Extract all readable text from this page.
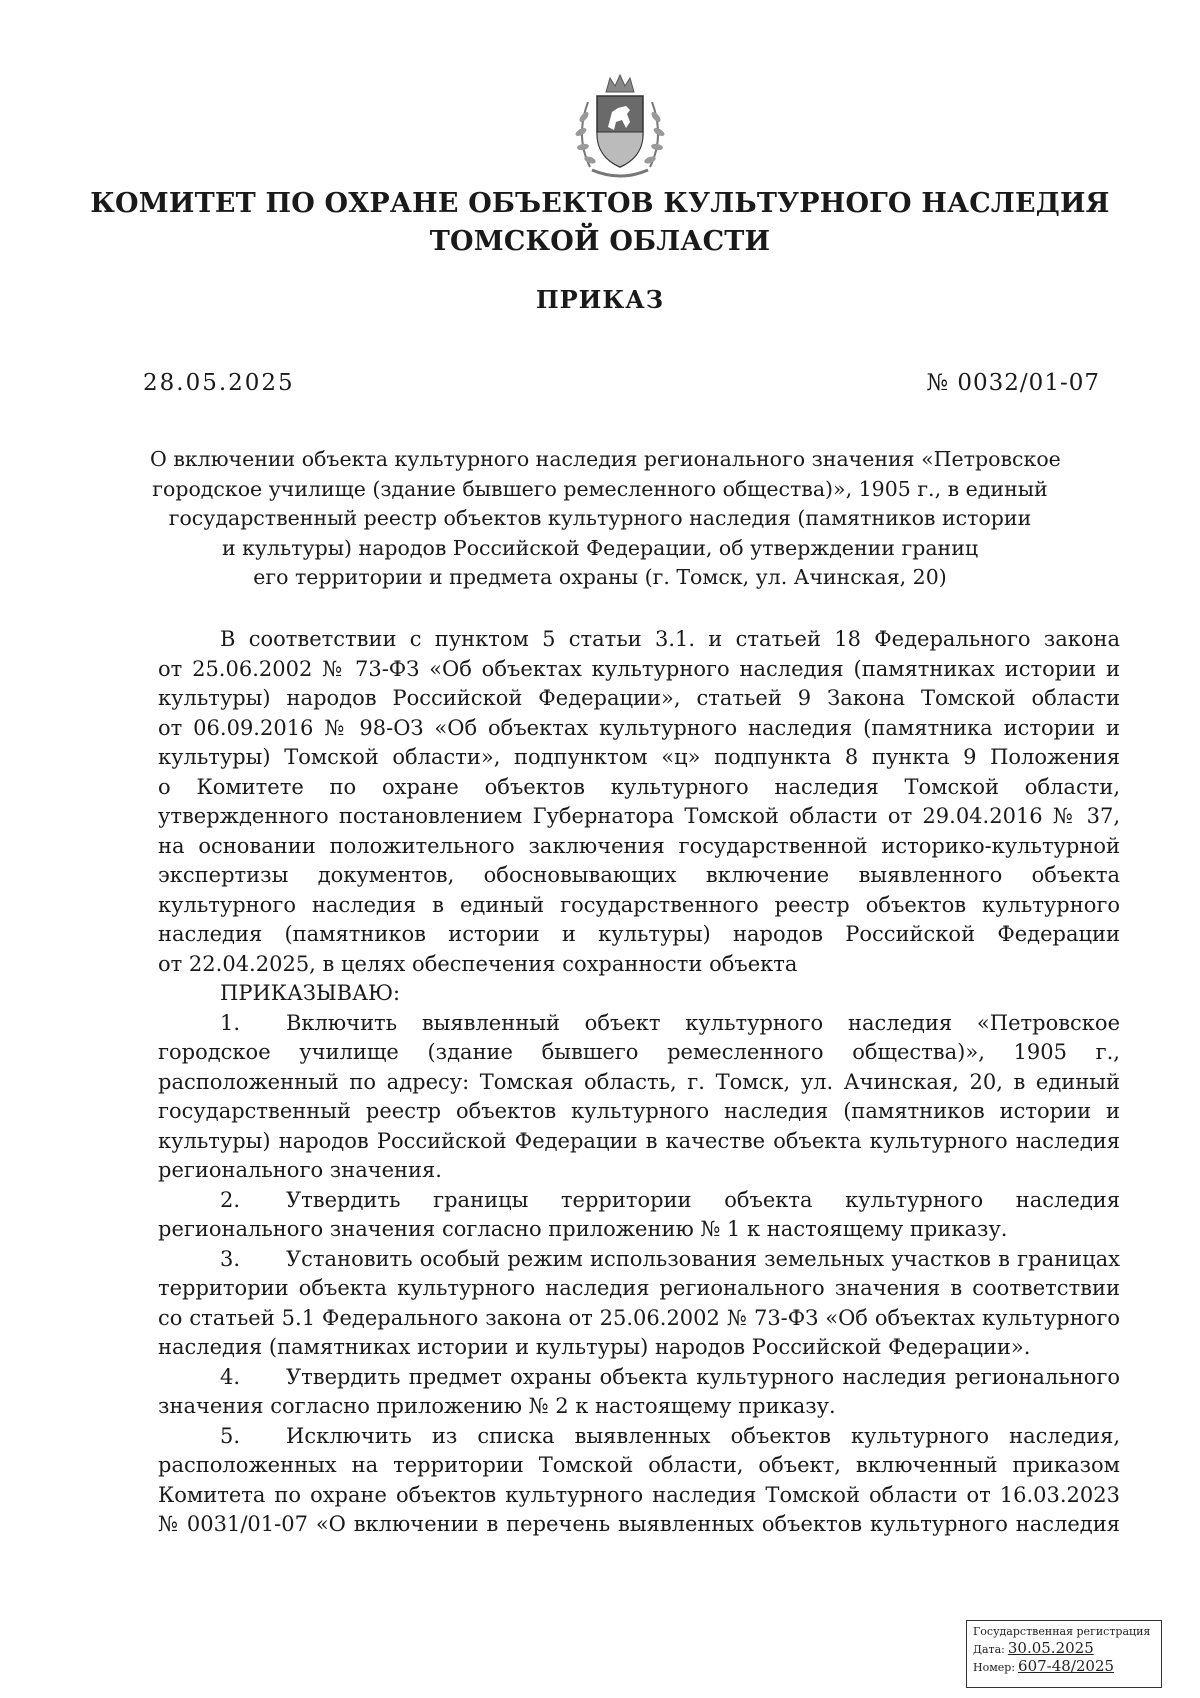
КОМИТЕТ ПО ОХРАНЕ ОБЪЕКТОВ КУЛЬТУРНОГО НАСЛЕДИЯ
ТОМСКОЙ ОБЛАСТИ
ПРИКАЗ
28.05.2025	№ 0032/01-07
О включении объекта культурного наследия регионального значения «Петровское
городское училище (здание бывшего ремесленного общества)», 1905 г., в единый
государственный реестр объектов культурного наследия (памятников истории
и культуры) народов Российской Федерации, об утверждении границ
его территории и предмета охраны (г. Томск, ул. Ачинская, 20)
В соответствии с пунктом 5 статьи 3.1. и статьей 18 Федерального закона
от 25.06.2002 № 73-ФЗ «Об объектах культурного наследия (памятниках истории и
культуры) народов Российской Федерации», статьей 9 Закона Томской области
от 06.09.2016 № 98-ОЗ «Об объектах культурного наследия (памятника истории и
культуры) Томской области», подпунктом «ц» подпункта 8 пункта 9 Положения
о Комитете по охране объектов культурного наследия Томской области,
утвержденного постановлением Губернатора Томской области от 29.04.2016 № 37,
на основании положительного заключения государственной историко-культурной
экспертизы документов, обосновывающих включение выявленного объекта
культурного наследия в единый государственного реестр объектов культурного
наследия (памятников истории и культуры) народов Российской Федерации
от 22.04.2025, в целях обеспечения сохранности объекта
ПРИКАЗЫВАЮ:
1. Включить выявленный объект культурного наследия «Петровское
городское училище (здание бывшего ремесленного общества)», 1905 г.,
расположенный по адресу: Томская область, г. Томск, ул. Ачинская, 20, в единый
государственный реестр объектов культурного наследия (памятников истории и
культуры) народов Российской Федерации в качестве объекта культурного наследия
регионального значения.
2. Утвердить границы территории объекта культурного наследия
регионального значения согласно приложению № 1 к настоящему приказу.
3. Установить особый режим использования земельных участков в границах
территории объекта культурного наследия регионального значения в соответствии
со статьей 5.1 Федерального закона от 25.06.2002 № 73-ФЗ «Об объектах культурного
наследия (памятниках истории и культуры) народов Российской Федерации».
4. Утвердить предмет охраны объекта культурного наследия регионального
значения согласно приложению № 2 к настоящему приказу.
5. Исключить из списка выявленных объектов культурного наследия,
расположенных на территории Томской области, объект, включенный приказом
Комитета по охране объектов культурного наследия Томской области от 16.03.2023
№ 0031/01-07 «О включении в перечень выявленных объектов культурного наследия
Государственная регистрация
Дата: 30.05.2025
Номер: 607-48/2025
